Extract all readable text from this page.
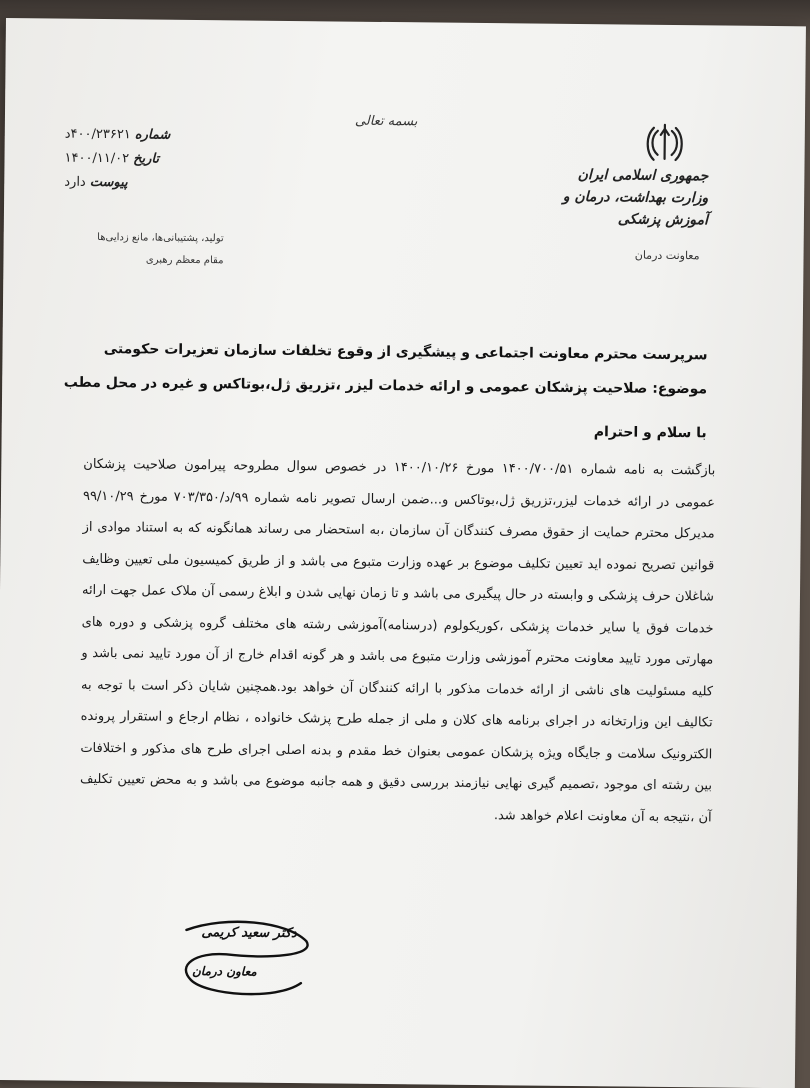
بسمه تعالی
جمهوری اسلامی ایران
وزارت بهداشت، درمان و آموزش پزشکی
معاونت درمان
شماره
۴۰۰/۲۳۶۲۱د
تاریخ
۱۴۰۰/۱۱/۰۲
پیوست
دارد
تولید، پشتیبانی‌ها، مانع زدایی‌ها
مقام معظم رهبری
سرپرست محترم معاونت اجتماعی و پیشگیری از وقوع تخلفات سازمان تعزیرات حکومتی
موضوع: صلاحیت پزشکان عمومی و ارائه خدمات لیزر ،تزریق ژل،بوتاکس و غیره در محل مطب
با سلام و احترام
بازگشت به نامه شماره ۱۴۰۰/۷۰۰/۵۱ مورخ ۱۴۰۰/۱۰/۲۶ در خصوص سوال مطروحه پیرامون صلاحیت پزشکان
عمومی در ارائه خدمات لیزر،تزریق ژل،بوتاکس و...ضمن ارسال تصویر نامه شماره ۹۹/د/۷۰۳/۳۵۰ مورخ ۹۹/۱۰/۲۹
مدیرکل محترم حمایت از حقوق مصرف کنندگان آن سازمان ،به استحضار می رساند همانگونه که به استناد موادی از
قوانین تصریح نموده اید تعیین تکلیف موضوع بر عهده وزارت متبوع می باشد و از طریق کمیسیون ملی تعیین وظایف
شاغلان حرف پزشکی و وابسته در حال پیگیری می باشد و تا زمان نهایی شدن و ابلاغ رسمی آن ملاک عمل جهت ارائه
خدمات فوق یا سایر خدمات پزشکی ،کوریکولوم (درسنامه)آموزشی رشته های مختلف گروه پزشکی و دوره های
مهارتی مورد تایید معاونت محترم آموزشی وزارت متبوع می باشد و هر گونه اقدام خارج از آن مورد تایید نمی باشد و
کلیه مسئولیت های ناشی از ارائه خدمات مذکور با ارائه کنندگان آن خواهد بود.همچنین شایان ذکر است با توجه به
تکالیف این وزارتخانه در اجرای برنامه های کلان و ملی از جمله طرح پزشک خانواده ، نظام ارجاع و استقرار پرونده
الکترونیک سلامت و جایگاه ویژه پزشکان عمومی بعنوان خط مقدم و بدنه اصلی اجرای طرح های مذکور و اختلافات
بین رشته ای موجود ،تصمیم گیری نهایی نیازمند بررسی دقیق و همه جانبه موضوع می باشد و به محض تعیین تکلیف
آن ،نتیجه به آن معاونت اعلام خواهد شد.
دکتر سعید کریمی
معاون درمان
